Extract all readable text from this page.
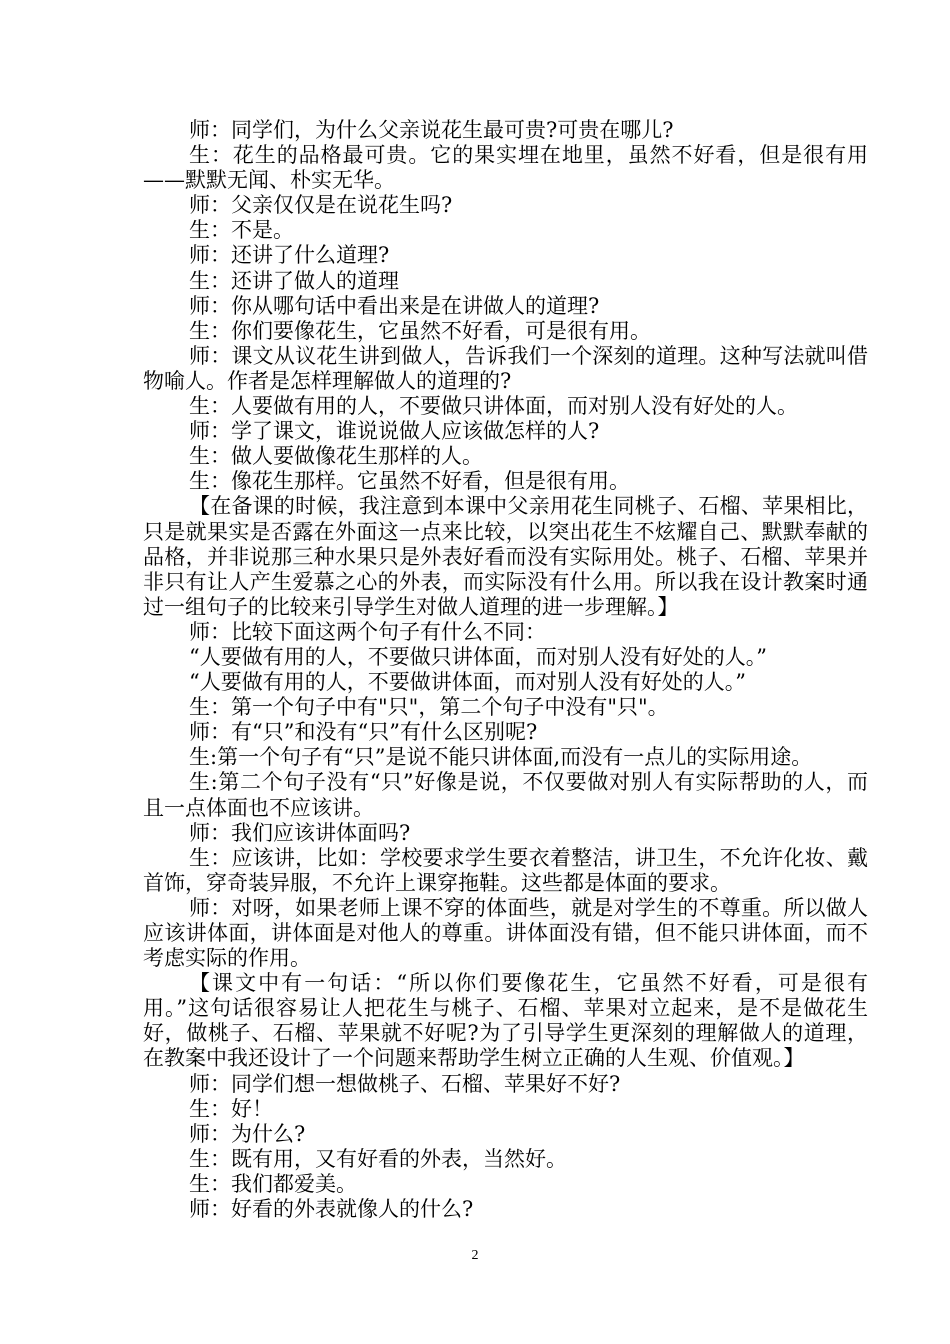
师：同学们，为什么父亲说花生最可贵?可贵在哪儿?

生：花生的品格最可贵。它的果实埋在地里，虽然不好看，但是很有用——默默无闻、朴实无华。

师：父亲仅仅是在说花生吗?

生：不是。

师：还讲了什么道理?

生：还讲了做人的道理

师：你从哪句话中看出来是在讲做人的道理?

生：你们要像花生，它虽然不好看，可是很有用。

师：课文从议花生讲到做人，告诉我们一个深刻的道理。这种写法就叫借物喻人。作者是怎样理解做人的道理的?

生：人要做有用的人，不要做只讲体面，而对别人没有好处的人。

师：学了课文，谁说说做人应该做怎样的人?

生：做人要做像花生那样的人。

生：像花生那样。它虽然不好看，但是很有用。

【在备课的时候，我注意到本课中父亲用花生同桃子、石榴、苹果相比，只是就果实是否露在外面这一点来比较，以突出花生不炫耀自己、默默奉献的品格，并非说那三种水果只是外表好看而没有实际用处。桃子、石榴、苹果并非只有让人产生爱慕之心的外表，而实际没有什么用。所以我在设计教案时通过一组句子的比较来引导学生对做人道理的进一步理解。】

师：比较下面这两个句子有什么不同：

“人要做有用的人，不要做只讲体面，而对别人没有好处的人。”

“人要做有用的人，不要做讲体面，而对别人没有好处的人。”

生：第一个句子中有"只"，第二个句子中没有"只"。

师：有“只”和没有“只”有什么区别呢?

生:第一个句子有“只”是说不能只讲体面,而没有一点儿的实际用途。

生:第二个句子没有“只”好像是说，不仅要做对别人有实际帮助的人，而且一点体面也不应该讲。

师：我们应该讲体面吗?

生：应该讲，比如：学校要求学生要衣着整洁，讲卫生，不允许化妆、戴首饰，穿奇装异服，不允许上课穿拖鞋。这些都是体面的要求。

师：对呀，如果老师上课不穿的体面些，就是对学生的不尊重。所以做人应该讲体面，讲体面是对他人的尊重。讲体面没有错，但不能只讲体面，而不考虑实际的作用。

【课文中有一句话：“所以你们要像花生，它虽然不好看，可是很有用。”这句话很容易让人把花生与桃子、石榴、苹果对立起来，是不是做花生好，做桃子、石榴、苹果就不好呢?为了引导学生更深刻的理解做人的道理，在教案中我还设计了一个问题来帮助学生树立正确的人生观、价值观。】

师：同学们想一想做桃子、石榴、苹果好不好?

生：好！

师：为什么?

生：既有用，又有好看的外表，当然好。

生：我们都爱美。

师：好看的外表就像人的什么?

2
